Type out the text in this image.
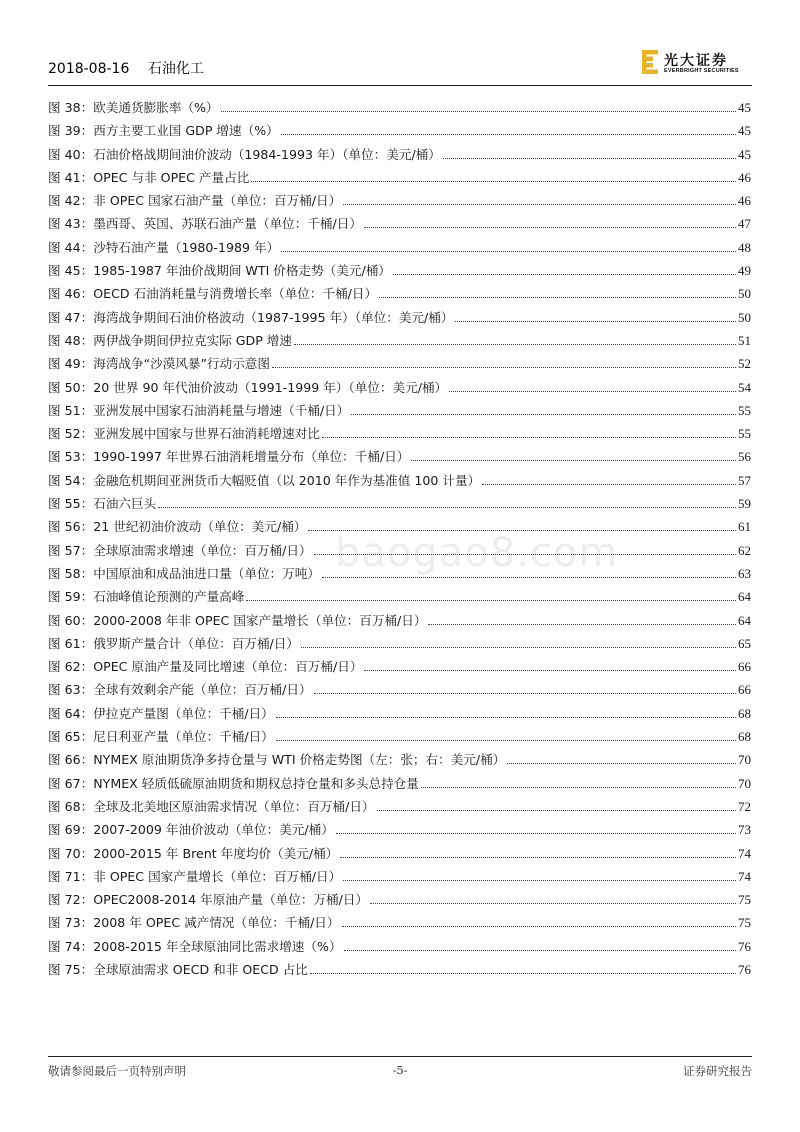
2018-08-16 石油化工	光大证券
EVERBRIGHT SECURITIES
图 38： 欧美通货膨胀率（%）	45
图 39： 西方主要工业国 GDP 增速（%）	45
图 40： 石油价格战期间油价波动（1984-1993 年）（单位：美元/桶）	45
图 41： OPEC 与非 OPEC 产量占比	46
图 42： 非 OPEC 国家石油产量（单位：百万桶/日）	46
图 43： 墨西哥、英国、苏联石油产量（单位：千桶/日）	47
图 44： 沙特石油产量（1980-1989 年）	48
图 45： 1985-1987 年油价战期间 WTI 价格走势（美元/桶）	49
图 46： OECD 石油消耗量与消费增长率（单位：千桶/日）	50
图 47： 海湾战争期间石油价格波动（1987-1995 年）（单位：美元/桶）	50
图 48： 两伊战争期间伊拉克实际 GDP 增速	51
图 49： 海湾战争“沙漠风暴”行动示意图	52
图 50： 20 世界 90 年代油价波动（1991-1999 年）（单位：美元/桶）	54
图 51： 亚洲发展中国家石油消耗量与增速（千桶/日）	55
图 52： 亚洲发展中国家与世界石油消耗增速对比	55
图 53： 1990-1997 年世界石油消耗增量分布（单位：千桶/日）	56
图 54： 金融危机期间亚洲货币大幅贬值（以 2010 年作为基准值 100 计量）	57
图 55： 石油六巨头	59
图 56： 21 世纪初油价波动（单位：美元/桶）	61
图 57： 全球原油需求增速（单位：百万桶/日）	62
图 58： 中国原油和成品油进口量（单位：万吨）	63
图 59： 石油峰值论预测的产量高峰	64
图 60： 2000-2008 年非 OPEC 国家产量增长（单位：百万桶/日）	64
图 61： 俄罗斯产量合计（单位：百万桶/日）	65
图 62： OPEC 原油产量及同比增速（单位：百万桶/日）	66
图 63： 全球有效剩余产能（单位：百万桶/日）	66
图 64： 伊拉克产量图（单位：千桶/日）	68
图 65： 尼日利亚产量（单位：千桶/日）	68
图 66： NYMEX 原油期货净多持仓量与 WTI 价格走势图（左：张；右：美元/桶）	70
图 67： NYMEX 轻质低硫原油期货和期权总持仓量和多头总持仓量	70
图 68： 全球及北美地区原油需求情况（单位：百万桶/日）	72
图 69： 2007-2009 年油价波动（单位：美元/桶）	73
图 70： 2000-2015 年 Brent 年度均价（美元/桶）	74
图 71： 非 OPEC 国家产量增长（单位：百万桶/日）	74
图 72： OPEC2008-2014 年原油产量（单位：万桶/日）	75
图 73： 2008 年 OPEC 减产情况（单位：千桶/日）	75
图 74： 2008-2015 年全球原油同比需求增速（%）	76
图 75： 全球原油需求 OECD 和非 OECD 占比	76
baogao8.com
敬请参阅最后一页特别声明	-5-	证券研究报告
